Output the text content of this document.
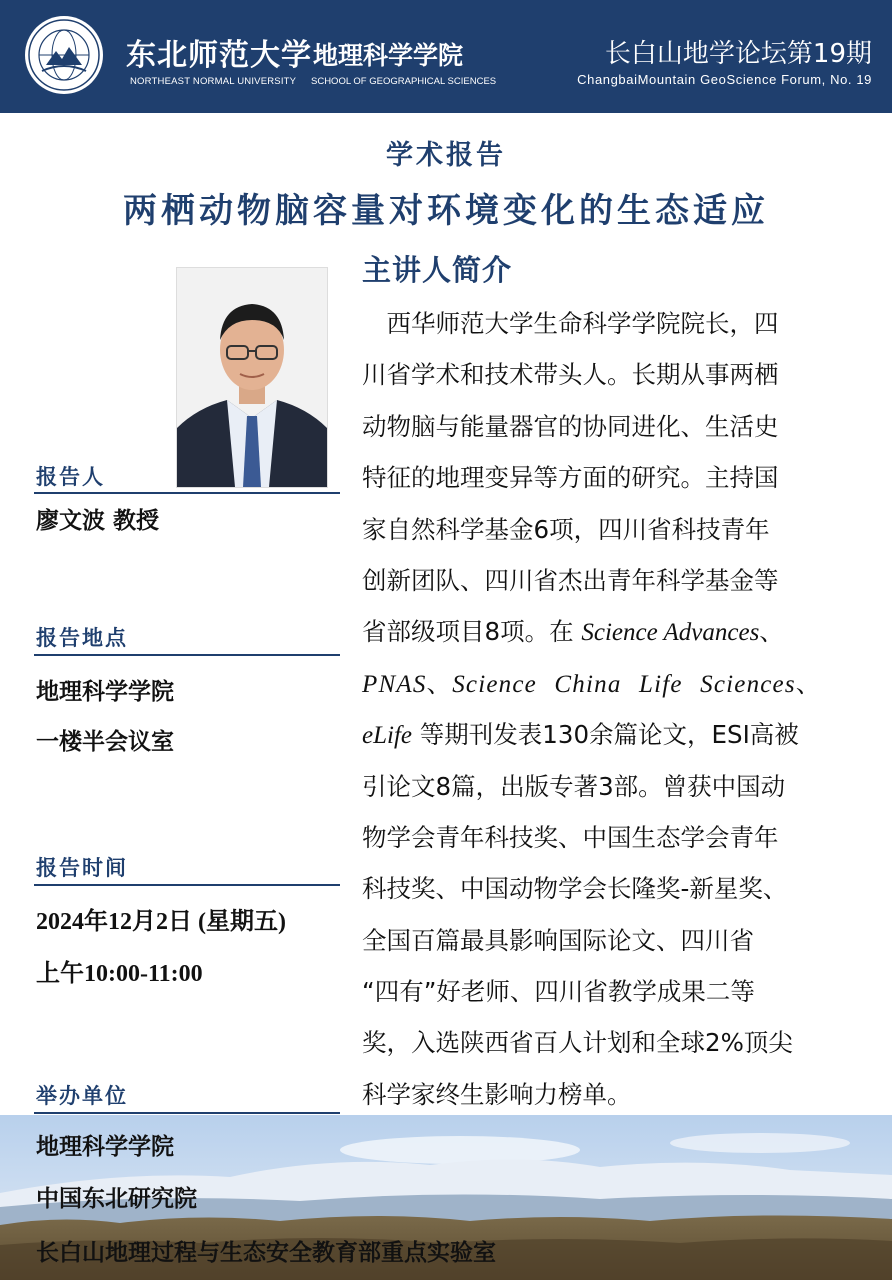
东北师范大学 地理科学学院
NORTHEAST NORMAL UNIVERSITY SCHOOL OF GEOGRAPHICAL SCIENCES
长白山地学论坛第19期
ChangbaiMountain GeoScience Forum, No. 19
学术报告
两栖动物脑容量对环境变化的生态适应
报告人
廖文波 教授
报告地点
地理科学学院
一楼半会议室
报告时间
2024年12月2日 (星期五)
上午10:00-11:00
举办单位
地理科学学院
中国东北研究院
长白山地理过程与生态安全教育部重点实验室
主讲人简介
　西华师范大学生命科学学院院长，四
川省学术和技术带头人。长期从事两栖
动物脑与能量器官的协同进化、生活史
特征的地理变异等方面的研究。主持国
家自然科学基金6项，四川省科技青年
创新团队、四川省杰出青年科学基金等
省部级项目8项。在 Science Advances、
PNAS、Science China Life Sciences、
eLife 等期刊发表130余篇论文，ESI高被
引论文8篇，出版专著3部。曾获中国动
物学会青年科技奖、中国生态学会青年
科技奖、中国动物学会长隆奖-新星奖、
全国百篇最具影响国际论文、四川省
“四有”好老师、四川省教学成果二等
奖，入选陕西省百人计划和全球2%顶尖
科学家终生影响力榜单。
